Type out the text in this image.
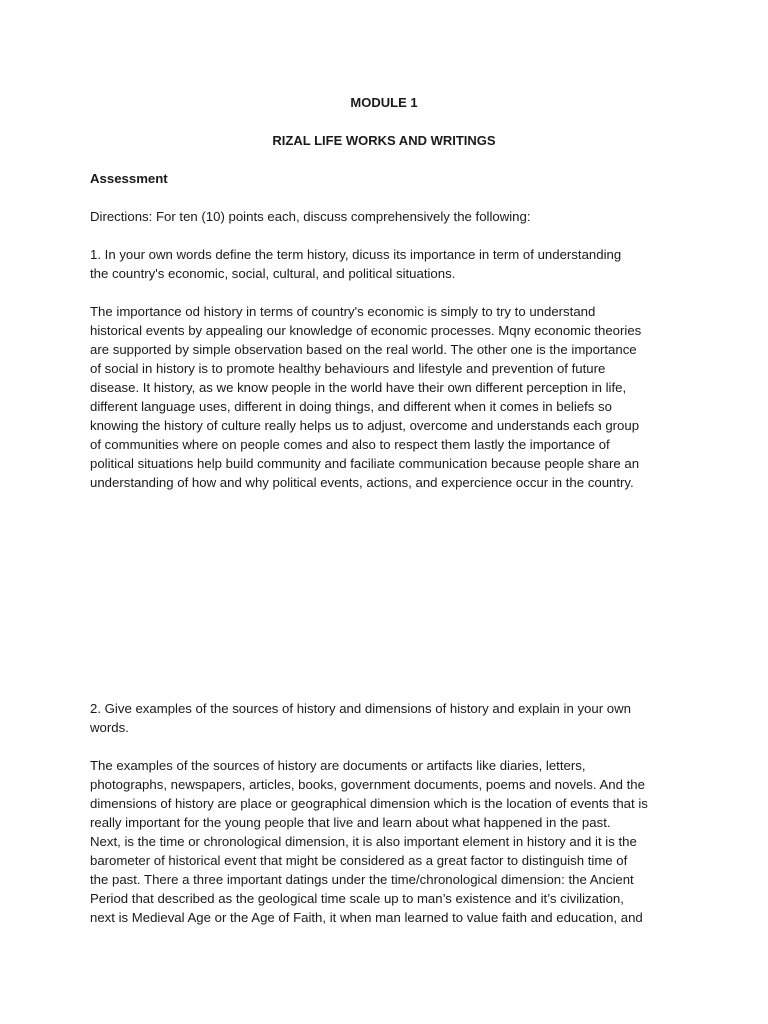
MODULE 1
RIZAL LIFE WORKS AND WRITINGS
Assessment
Directions: For ten (10) points each, discuss comprehensively the following:
1. In your own words define the term history, dicuss its importance in term of understanding
the country's economic, social, cultural, and political situations.
The importance od history in terms of country's economic is simply to try to understand
historical events by appealing our knowledge of economic processes. Mqny economic theories
are supported by simple observation based on the real world. The other one is the importance
of social in history is to promote healthy behaviours and lifestyle and prevention of future
disease. It history, as we know people in the world have their own different perception in life,
different language uses, different in doing things, and different when it comes in beliefs so
knowing the history of culture really helps us to adjust, overcome and understands each group
of communities where on people comes and also to respect them lastly the importance of
political situations help build community and faciliate communication because people share an
understanding of how and why political events, actions, and expercience occur in the country.
2. Give examples of the sources of history and dimensions of history and explain in your own
words.
The examples of the sources of history are documents or artifacts like diaries, letters,
photographs, newspapers, articles, books, government documents, poems and novels. And the
dimensions of history are place or geographical dimension which is the location of events that is
really important for the young people that live and learn about what happened in the past.
Next, is the time or chronological dimension, it is also important element in history and it is the
barometer of historical event that might be considered as a great factor to distinguish time of
the past. There a three important datings under the time/chronological dimension: the Ancient
Period that described as the geological time scale up to man’s existence and it’s civilization,
next is Medieval Age or the Age of Faith, it when man learned to value faith and education, and
